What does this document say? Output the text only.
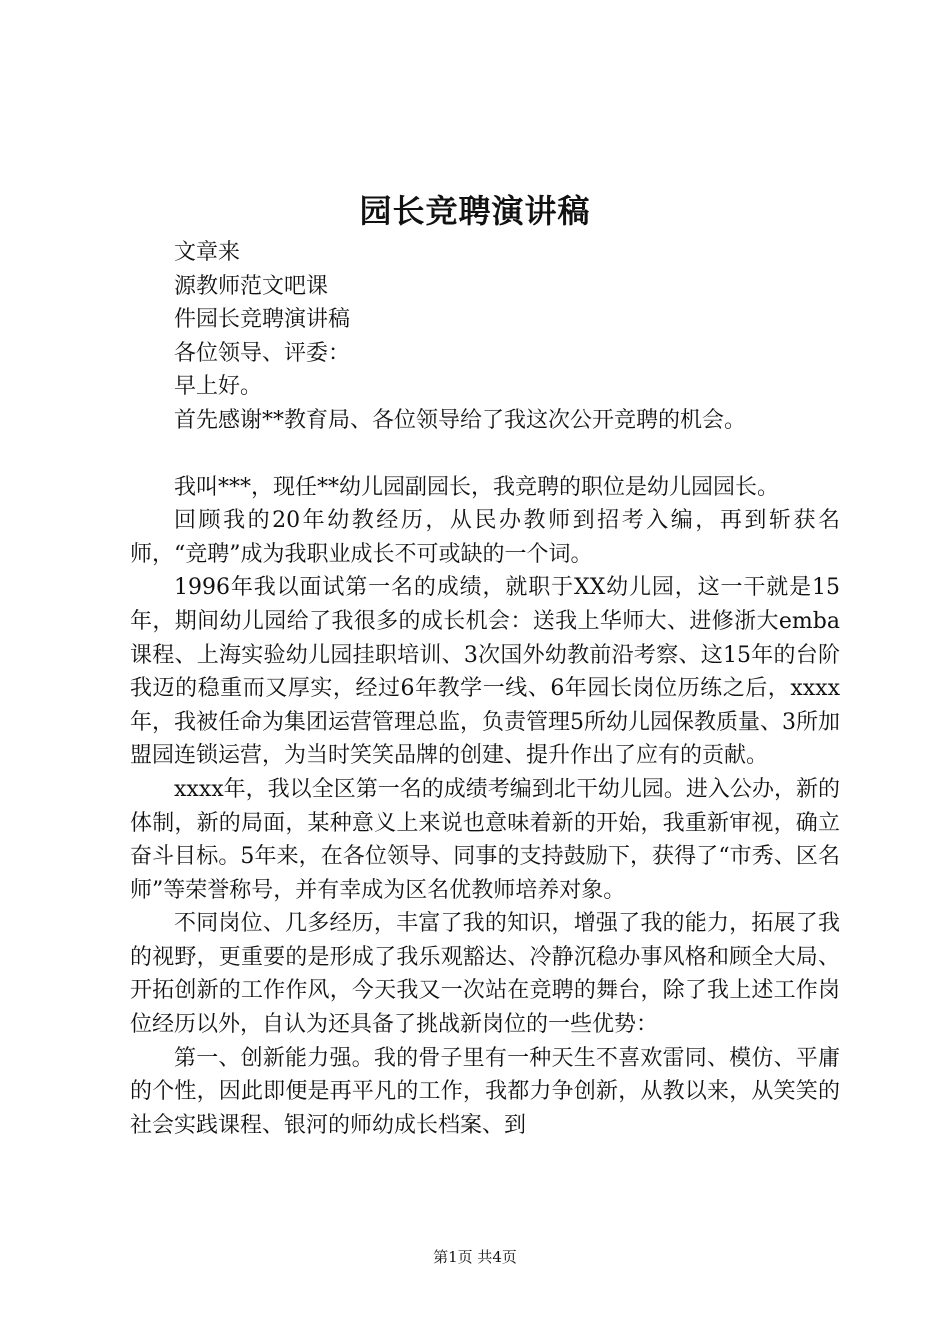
园长竞聘演讲稿

文章来

源教师范文吧课

件园长竞聘演讲稿

各位领导、评委：

早上好。

首先感谢**教育局、各位领导给了我这次公开竞聘的机会。

我叫***，现任**幼儿园副园长，我竞聘的职位是幼儿园园长。

回顾我的20年幼教经历，从民办教师到招考入编，再到斩获名师，“竞聘”成为我职业成长不可或缺的一个词。

1996年我以面试第一名的成绩，就职于XX幼儿园，这一干就是15年，期间幼儿园给了我很多的成长机会：送我上华师大、进修浙大emba课程、上海实验幼儿园挂职培训、3次国外幼教前沿考察、这15年的台阶我迈的稳重而又厚实，经过6年教学一线、6年园长岗位历练之后，xxxx年，我被任命为集团运营管理总监，负责管理5所幼儿园保教质量、3所加盟园连锁运营，为当时笑笑品牌的创建、提升作出了应有的贡献。

xxxx年，我以全区第一名的成绩考编到北干幼儿园。进入公办，新的体制，新的局面，某种意义上来说也意味着新的开始，我重新审视，确立奋斗目标。5年来，在各位领导、同事的支持鼓励下，获得了“市秀、区名师”等荣誉称号，并有幸成为区名优教师培养对象。

不同岗位、几多经历，丰富了我的知识，增强了我的能力，拓展了我的视野，更重要的是形成了我乐观豁达、冷静沉稳办事风格和顾全大局、开拓创新的工作作风，今天我又一次站在竞聘的舞台，除了我上述工作岗位经历以外，自认为还具备了挑战新岗位的一些优势：

第一、创新能力强。我的骨子里有一种天生不喜欢雷同、模仿、平庸的个性，因此即便是再平凡的工作，我都力争创新，从教以来，从笑笑的社会实践课程、银河的师幼成长档案、到

第1页 共4页
